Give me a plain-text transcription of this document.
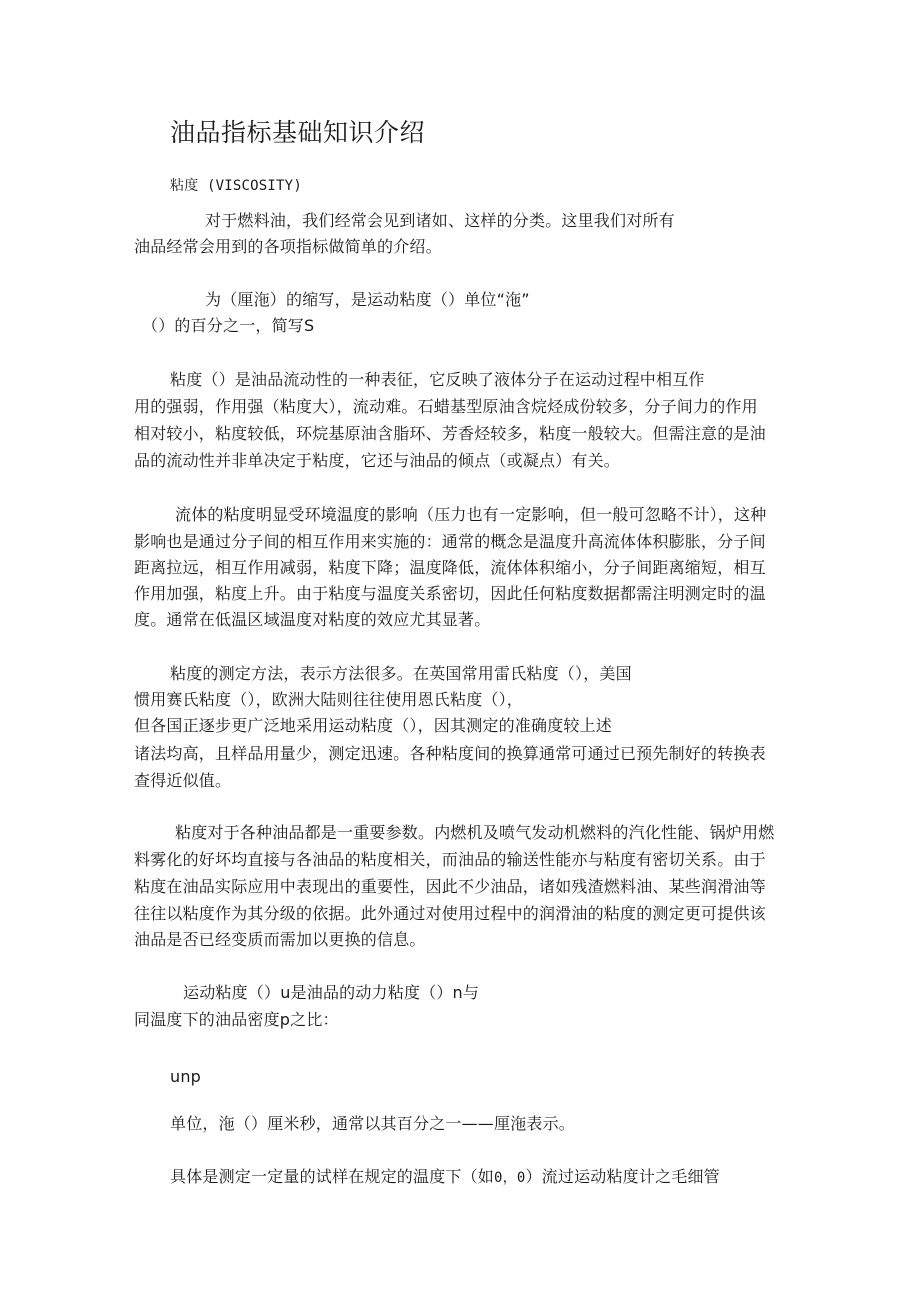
油品指标基础知识介绍
粘度 (VISCOSITY)
对于燃料油，我们经常会见到诸如、这样的分类。这里我们对所有
油品经常会用到的各项指标做简单的介绍。
为（厘沲）的缩写，是运动粘度（）单位“沲”
（）的百分之一，简写S
粘度（）是油品流动性的一种表征，它反映了液体分子在运动过程中相互作
用的强弱，作用强（粘度大），流动难。石蜡基型原油含烷烃成份较多，分子间力的作用
相对较小，粘度较低，环烷基原油含脂环、芳香烃较多，粘度一般较大。但需注意的是油
品的流动性并非单决定于粘度，它还与油品的倾点（或凝点）有关。
流体的粘度明显受环境温度的影响（压力也有一定影响，但一般可忽略不计），这种
影响也是通过分子间的相互作用来实施的：通常的概念是温度升高流体体积膨胀，分子间
距离拉远，相互作用减弱，粘度下降；温度降低，流体体积缩小，分子间距离缩短，相互
作用加强，粘度上升。由于粘度与温度关系密切，因此任何粘度数据都需注明测定时的温
度。通常在低温区域温度对粘度的效应尤其显著。
粘度的测定方法，表示方法很多。在英国常用雷氏粘度（），美国
惯用赛氏粘度（），欧洲大陆则往往使用恩氏粘度（），
但各国正逐步更广泛地采用运动粘度（），因其测定的准确度较上述
诸法均高，且样品用量少，测定迅速。各种粘度间的换算通常可通过已预先制好的转换表
查得近似值。
粘度对于各种油品都是一重要参数。内燃机及喷气发动机燃料的汽化性能、锅炉用燃
料雾化的好坏均直接与各油品的粘度相关，而油品的输送性能亦与粘度有密切关系。由于
粘度在油品实际应用中表现出的重要性，因此不少油品，诸如残渣燃料油、某些润滑油等
往往以粘度作为其分级的依据。此外通过对使用过程中的润滑油的粘度的测定更可提供该
油品是否已经变质而需加以更换的信息。
运动粘度（）u是油品的动力粘度（）n与
同温度下的油品密度p之比：
unp
单位，沲（）厘米秒，通常以其百分之一——厘沲表示。
具体是测定一定量的试样在规定的温度下（如0，0）流过运动粘度计之毛细管
